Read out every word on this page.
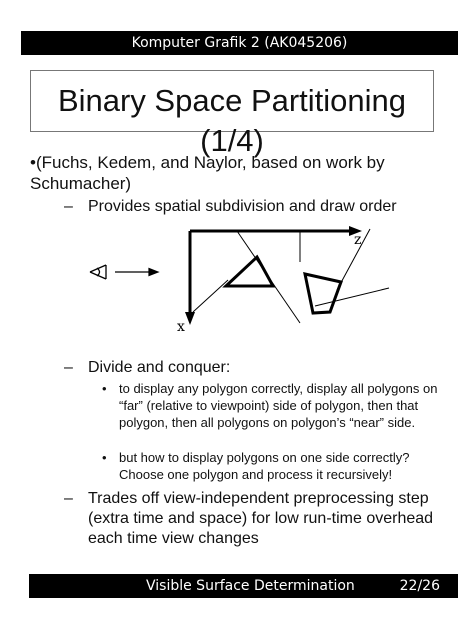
Komputer Grafik 2 (AK045206)
Binary Space Partitioning (1/4)
•(Fuchs, Kedem, and Naylor, based on work by Schumacher)
– Provides spatial subdivision and draw order
z
x
– Divide and conquer:
• to display any polygon correctly, display all polygons on “far” (relative to viewpoint) side of polygon, then that polygon, then all polygons on polygon’s “near” side.
• but how to display polygons on one side correctly? Choose one polygon and process it recursively!
– Trades off view-independent preprocessing step (extra time and space) for low run-time overhead each time view changes
Visible Surface Determination	22/26
